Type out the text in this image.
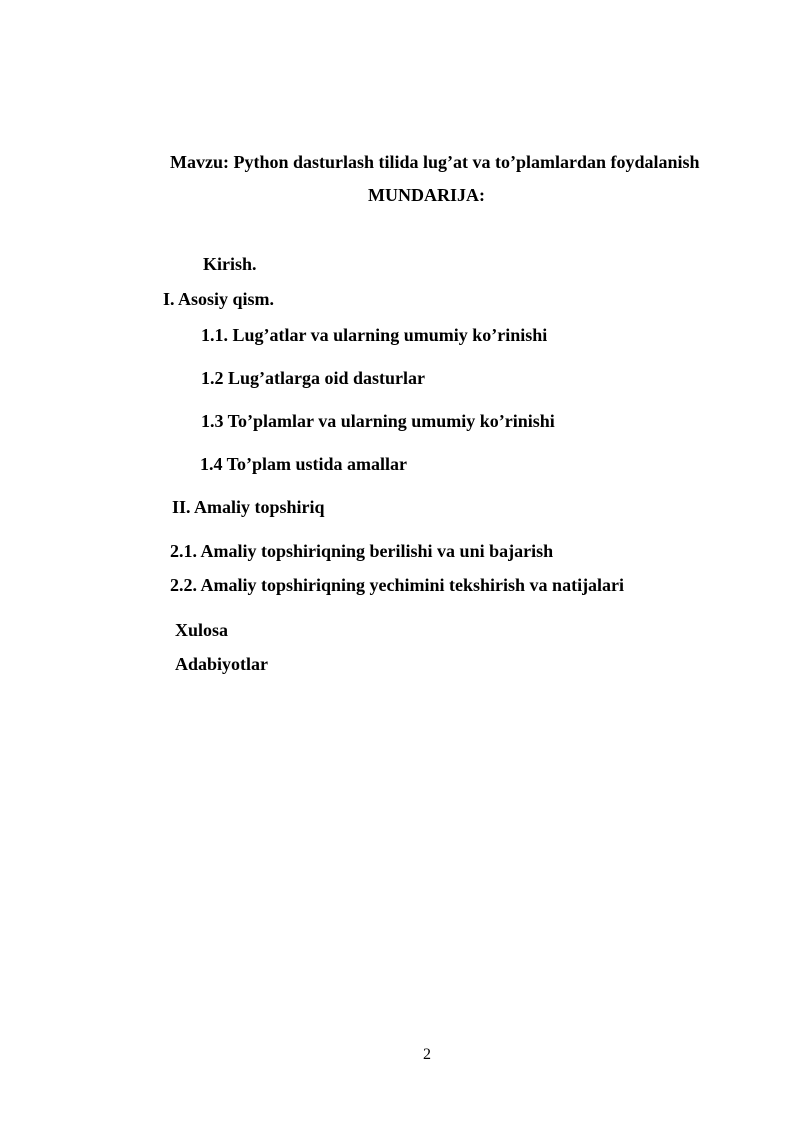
Mavzu: Python dasturlash tilida lug’at va to’plamlardan foydalanish
MUNDARIJA:
Kirish.
I. Asosiy qism.
1.1. Lug’atlar va ularning umumiy ko’rinishi
1.2 Lug’atlarga oid dasturlar
1.3 To’plamlar va ularning umumiy ko’rinishi
1.4 To’plam ustida amallar
II. Amaliy topshiriq
2.1. Amaliy topshiriqning berilishi va uni bajarish
2.2. Amaliy topshiriqning yechimini tekshirish va natijalari
Xulosa
Adabiyotlar
2
